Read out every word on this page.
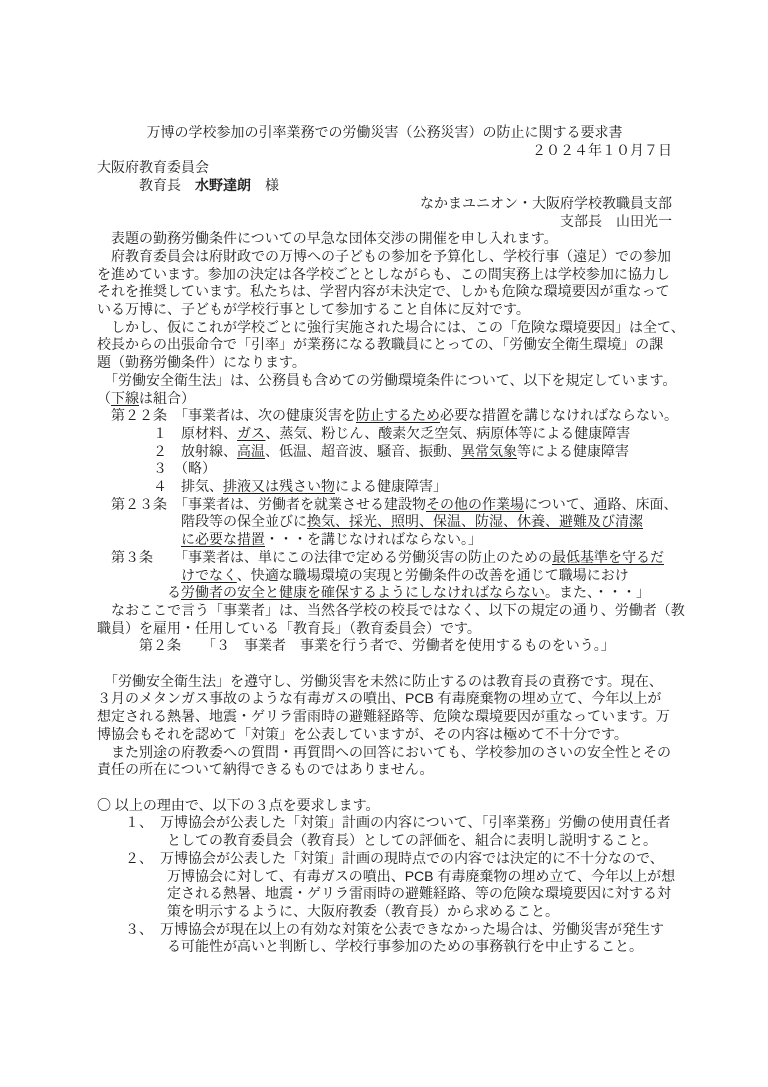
万博の学校参加の引率業務での労働災害（公務災害）の防止に関する要求書
２０２４年１０月７日
大阪府教育委員会
　　　教育長　水野達朗　様
なかまユニオン・大阪府学校教職員支部
支部長　山田光一
　表題の勤務労働条件についての早急な団体交渉の開催を申し入れます。
　府教育委員会は府財政での万博への子どもの参加を予算化し、学校行事（遠足）での参加
を進めています。参加の決定は各学校ごととしながらも、この間実務上は学校参加に協力し
それを推奨しています。私たちは、学習内容が未決定で、しかも危険な環境要因が重なって
いる万博に、子どもが学校行事として参加すること自体に反対です。
　しかし、仮にこれが学校ごとに強行実施された場合には、この「危険な環境要因」は全て、
校長からの出張命令で「引率」が業務になる教職員にとっての、「労働安全衛生環境」の課
題（勤務労働条件）になります。
　「労働安全衛生法」は、公務員も含めての労働環境条件について、以下を規定しています。
（下線は組合）
　第２２条　「事業者は、次の健康災害を防止するため必要な措置を講じなければならない。
　　　　１　原材料、ガス、蒸気、粉じん、酸素欠乏空気、病原体等による健康障害
　　　　２　放射線、高温、低温、超音波、騒音、振動、異常気象等による健康障害
　　　　３　（略）
　　　　４　排気、排液又は残さい物による健康障害」
　第２３条　「事業者は、労働者を就業させる建設物その他の作業場について、通路、床面、
　　　　　　階段等の保全並びに換気、採光、照明、保温、防湿、休養、避難及び清潔
　　　　　　に必要な措置・・・を講じなければならない。」
　第３条　　「事業者は、単にこの法律で定める労働災害の防止のための最低基準を守るだ
　　　　　　けでなく、快適な職場環境の実現と労働条件の改善を通じて職場におけ
　　　　　る労働者の安全と健康を確保するようにしなければならない。また、・・・」
　なおここで言う「事業者」は、当然各学校の校長ではなく、以下の規定の通り、労働者（教
職員）を雇用・任用している「教育長」（教育委員会）です。
　　　第２条　　「３　事業者　事業を行う者で、労働者を使用するものをいう。」
　「労働安全衛生法」を遵守し、労働災害を未然に防止するのは教育長の責務です。現在、
３月のメタンガス事故のような有毒ガスの噴出、PCB 有毒廃棄物の埋め立て、今年以上が
想定される熱暑、地震・ゲリラ雷雨時の避難経路等、危険な環境要因が重なっています。万
博協会もそれを認めて「対策」を公表していますが、その内容は極めて不十分です。
　また別途の府教委への質問・再質問への回答においても、学校参加のさいの安全性とその
責任の所在について納得できるものではありません。
〇 以上の理由で、以下の３点を要求します。
　　１、　万博協会が公表した「対策」計画の内容について、「引率業務」労働の使用責任者
　　　　　としての教育委員会（教育長）としての評価を、組合に表明し説明すること。
　　２、　万博協会が公表した「対策」計画の現時点での内容では決定的に不十分なので、
　　　　　万博協会に対して、有毒ガスの噴出、PCB 有毒廃棄物の埋め立て、今年以上が想
　　　　　定される熱暑、地震・ゲリラ雷雨時の避難経路、等の危険な環境要因に対する対
　　　　　策を明示するように、大阪府教委（教育長）から求めること。
　　３、　万博協会が現在以上の有効な対策を公表できなかった場合は、労働災害が発生す
　　　　　る可能性が高いと判断し、学校行事参加のための事務執行を中止すること。
